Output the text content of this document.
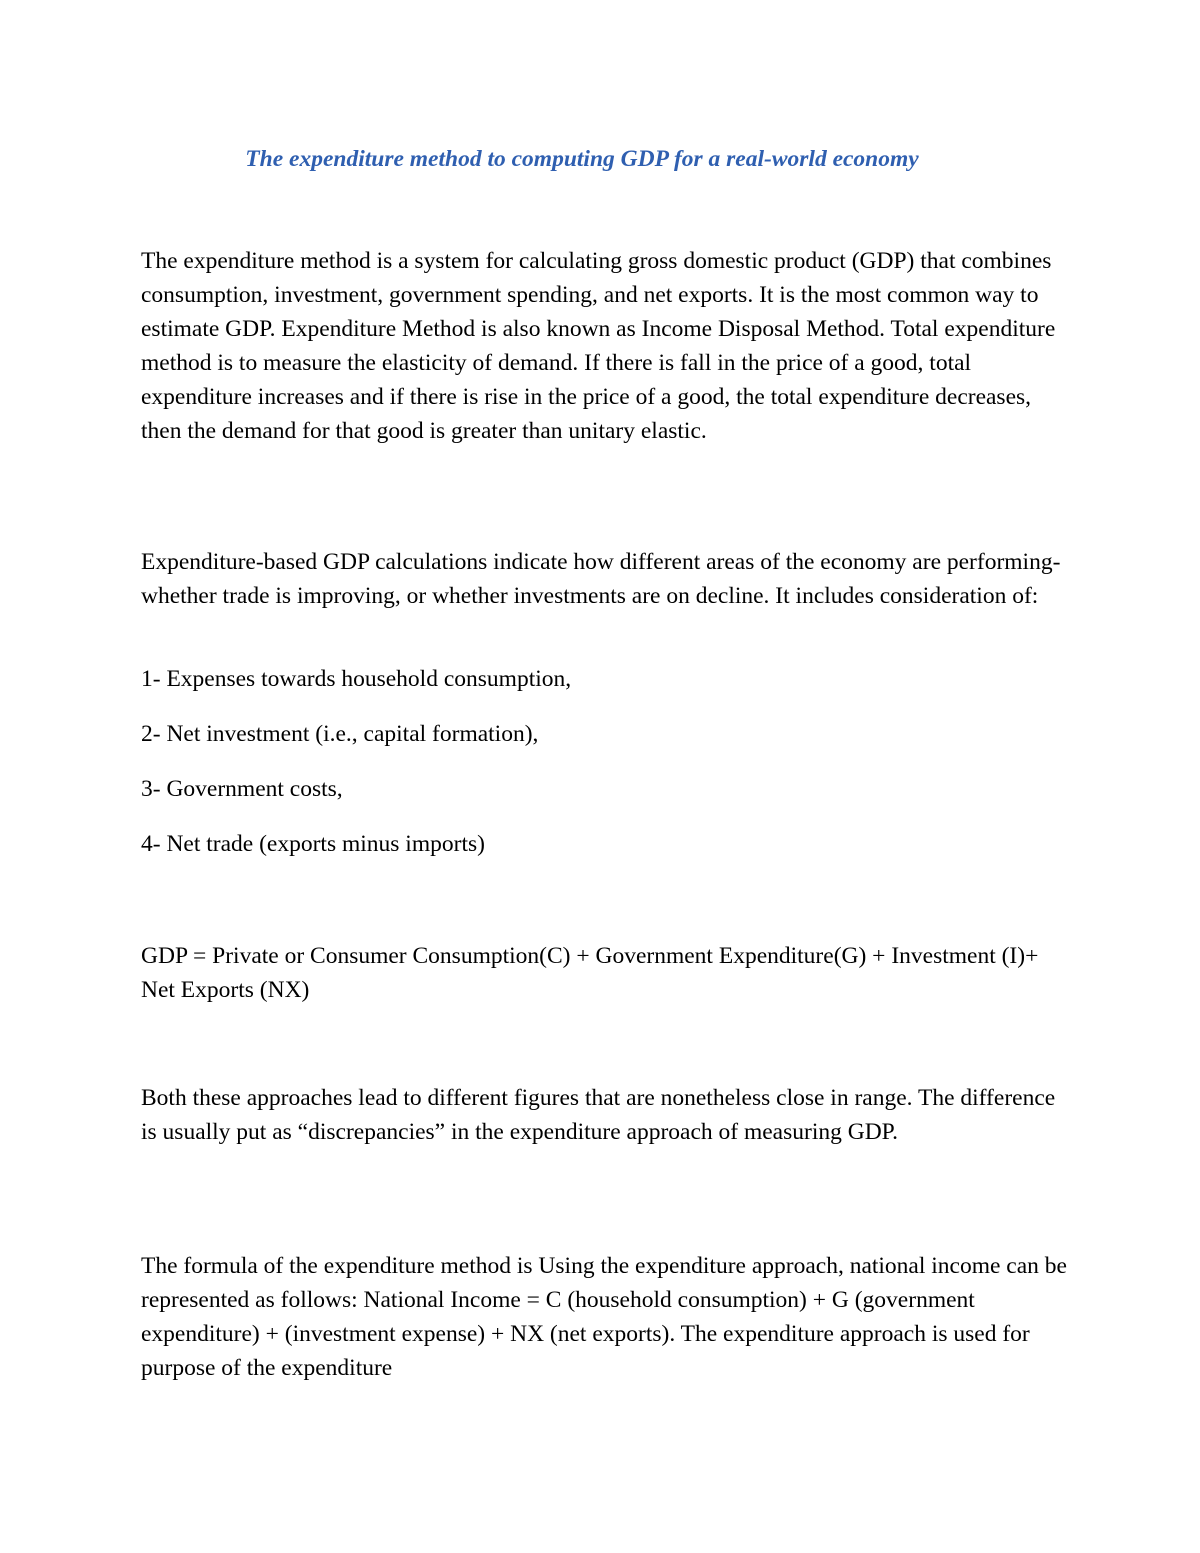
The expenditure method to computing GDP for a real-world economy

The expenditure method is a system for calculating gross domestic product (GDP) that combines consumption, investment, government spending, and net exports. It is the most common way to estimate GDP. Expenditure Method is also known as Income Disposal Method. Total expenditure method is to measure the elasticity of demand. If there is fall in the price of a good, total expenditure increases and if there is rise in the price of a good, the total expenditure decreases, then the demand for that good is greater than unitary elastic.

Expenditure-based GDP calculations indicate how different areas of the economy are performing- whether trade is improving, or whether investments are on decline. It includes consideration of:

1- Expenses towards household consumption,

2- Net investment (i.e., capital formation),

3- Government costs,

4- Net trade (exports minus imports)

GDP = Private or Consumer Consumption(C) + Government Expenditure(G) + Investment (I)+ Net Exports (NX)

Both these approaches lead to different figures that are nonetheless close in range. The difference is usually put as “discrepancies” in the expenditure approach of measuring GDP.

The formula of the expenditure method is Using the expenditure approach, national income can be represented as follows: National Income = C (household consumption) + G (government expenditure) + (investment expense) + NX (net exports). The expenditure approach is used for purpose of the expenditure
